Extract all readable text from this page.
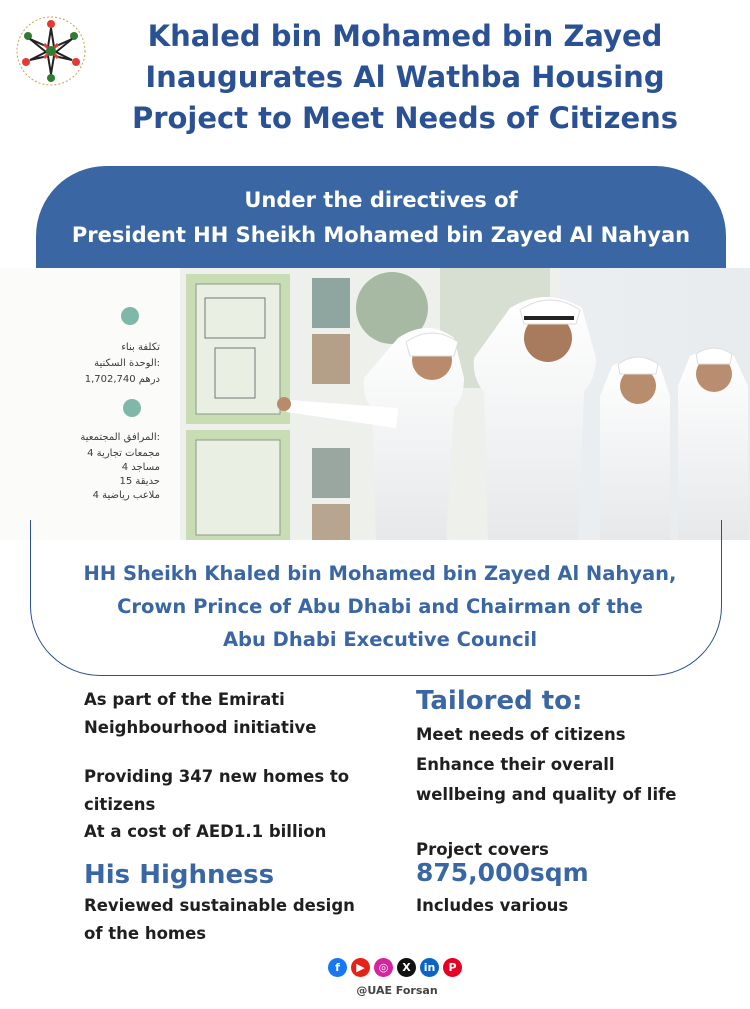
Khaled bin Mohamed bin Zayed
Inaugurates Al Wathba Housing
Project to Meet Needs of Citizens
Under the directives of
President HH Sheikh Mohamed bin Zayed Al Nahyan
تكلفة بناء
الوحدة السكنية:
1,702,740 درهم
المرافق المجتمعية:
4 مجمعات تجارية
4 مساجد
15 حديقة
4 ملاعب رياضية
HH Sheikh Khaled bin Mohamed bin Zayed Al Nahyan,
Crown Prince of Abu Dhabi and Chairman of the
Abu Dhabi Executive Council
As part of the Emirati
Neighbourhood initiative
Providing 347 new homes to
citizens
At a cost of AED1.1 billion
His Highness
Reviewed sustainable design
of the homes
Tailored to:
Meet needs of citizens
Enhance their overall
wellbeing and quality of life
Project covers
875,000sqm
Includes various
f	▶	◎	X	in	P
@UAE Forsan
